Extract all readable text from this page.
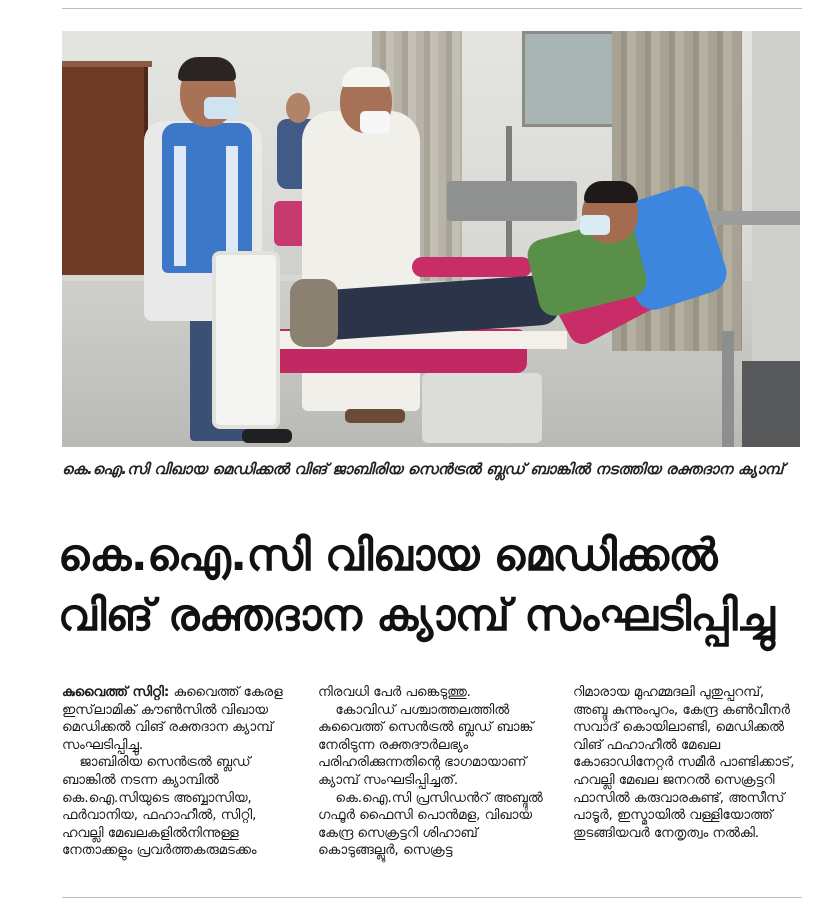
കെ.ഐ.സി വിഖായ മെഡിക്കൽ വിങ് ജാബിരിയ സെൻട്രൽ ബ്ലഡ് ബാങ്കിൽ നടത്തിയ രക്തദാന ക്യാമ്പ്
കെ.ഐ.സി വിഖായ മെഡിക്കൽ
വിങ് രക്തദാന ക്യാമ്പ് സംഘടിപ്പിച്ചു
കുവൈത്ത് സിറ്റി: കുവൈത്ത് കേരള ഇസ്‌ലാമിക് കൗൺസിൽ വിഖായ മെഡിക്കൽ വിങ് രക്തദാന ക്യാമ്പ് സംഘടിപ്പിച്ചു.
ജാബിരിയ സെൻട്രൽ ബ്ലഡ് ബാങ്കിൽ നടന്ന ക്യാമ്പിൽ കെ.ഐ.സിയുടെ അബ്ബാസിയ, ഫർവാനിയ, ഫഹാഹീൽ, സിറ്റി, ഹവല്ലി മേഖലകളിൽനിന്നുള്ള നേതാക്കളും പ്രവർത്തകരുമടക്കം
നിരവധി പേർ പങ്കെടുത്തു.
കോവിഡ് പശ്ചാത്തലത്തിൽ കുവൈത്ത് സെൻട്രൽ ബ്ലഡ് ബാങ്ക് നേരിടുന്ന രക്തദൗർലഭ്യം പരിഹരിക്കുന്നതിന്റെ ഭാഗമായാണ് ക്യാമ്പ് സംഘടിപ്പിച്ചത്.
കെ.ഐ.സി പ്രസിഡൻറ് അബ്ദുൽ ഗഫൂർ ഫൈസി പൊൻമള, വിഖായ കേന്ദ്ര സെക്രട്ടറി ശിഹാബ് കൊടുങ്ങല്ലൂർ, സെക്രട്ട
റിമാരായ മുഹമ്മദലി പുതുപ്പറമ്പ്, അബ്ദു കുന്നുംപുറം, കേന്ദ്ര കൺവീനർ സവാദ് കൊയിലാണ്ടി, മെഡിക്കൽ വിങ് ഫഹാഹീൽ മേഖല കോഓഡിനേറ്റർ സമീർ പാണ്ടിക്കാട്, ഹവല്ലി മേഖല ജനറൽ സെക്രട്ടറി ഫാസിൽ കരുവാരകുണ്ട്, അസീസ് പാടൂർ, ഇസ്മായിൽ വള്ളിയോത്ത് തുടങ്ങിയവർ നേതൃത്വം നൽകി.
